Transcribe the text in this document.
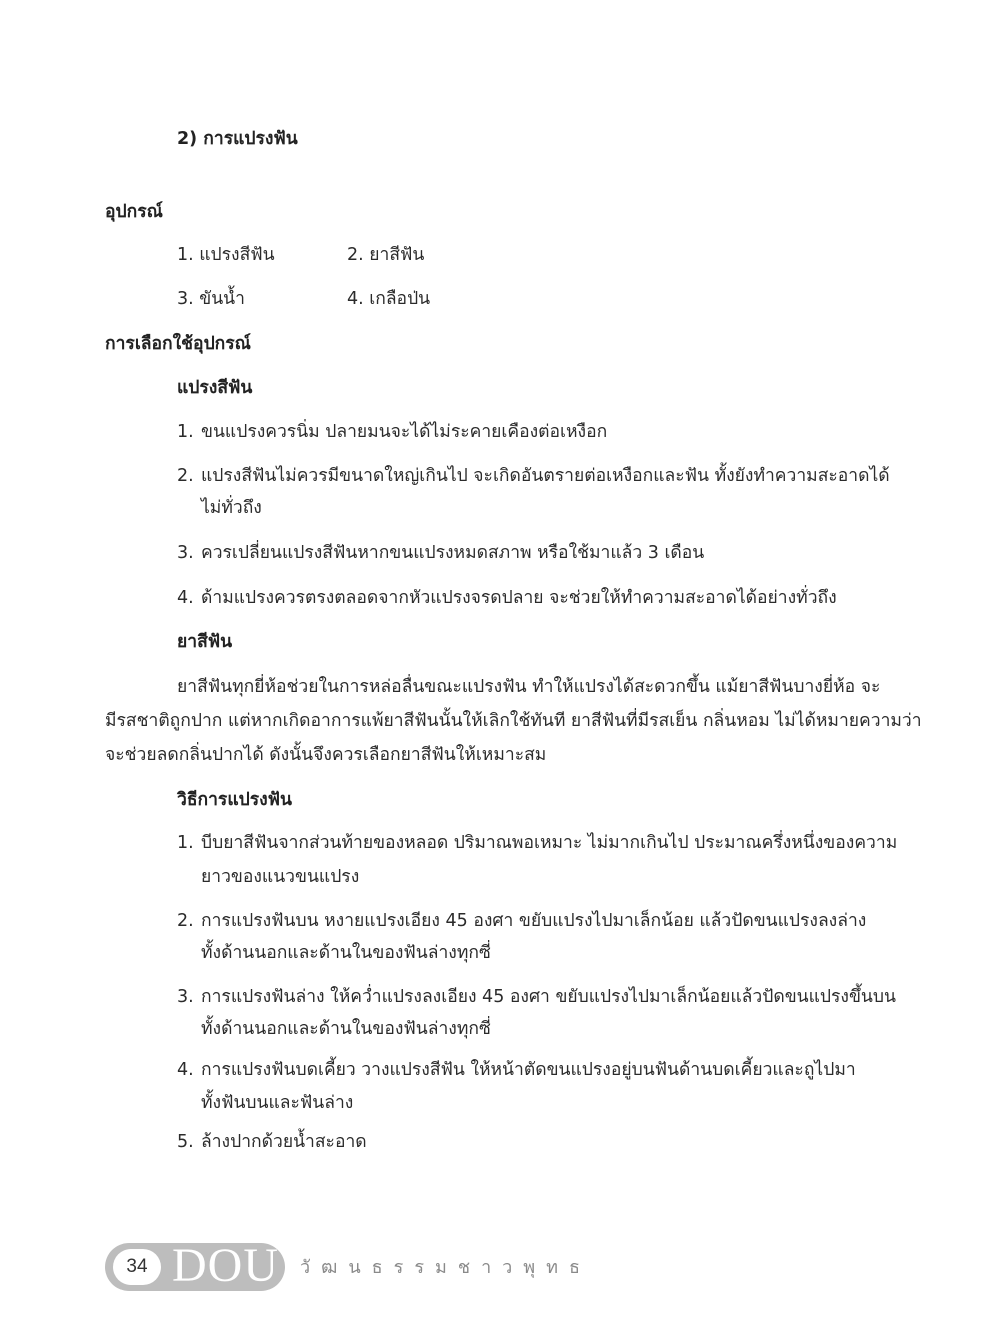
2) การแปรงฟัน
อุปกรณ์
1. แปรงสีฟัน	2. ยาสีฟัน
3. ขันน้ำ	4. เกลือป่น
การเลือกใช้อุปกรณ์
แปรงสีฟัน
1. ขนแปรงควรนิ่ม ปลายมนจะได้ไม่ระคายเคืองต่อเหงือก
2. แปรงสีฟันไม่ควรมีขนาดใหญ่เกินไป จะเกิดอันตรายต่อเหงือกและฟัน ทั้งยังทำความสะอาดได้
ไม่ทั่วถึง
3. ควรเปลี่ยนแปรงสีฟันหากขนแปรงหมดสภาพ หรือใช้มาแล้ว 3 เดือน
4. ด้ามแปรงควรตรงตลอดจากหัวแปรงจรดปลาย จะช่วยให้ทำความสะอาดได้อย่างทั่วถึง
ยาสีฟัน
ยาสีฟันทุกยี่ห้อช่วยในการหล่อลื่นขณะแปรงฟัน ทำให้แปรงได้สะดวกขึ้น แม้ยาสีฟันบางยี่ห้อ จะ
มีรสชาติถูกปาก แต่หากเกิดอาการแพ้ยาสีฟันนั้นให้เลิกใช้ทันที ยาสีฟันที่มีรสเย็น กลิ่นหอม ไม่ได้หมายความว่า
จะช่วยลดกลิ่นปากได้ ดังนั้นจึงควรเลือกยาสีฟันให้เหมาะสม
วิธีการแปรงฟัน
1. บีบยาสีฟันจากส่วนท้ายของหลอด ปริมาณพอเหมาะ ไม่มากเกินไป ประมาณครึ่งหนึ่งของความ
ยาวของแนวขนแปรง
2. การแปรงฟันบน หงายแปรงเอียง 45 องศา ขยับแปรงไปมาเล็กน้อย แล้วปัดขนแปรงลงล่าง
ทั้งด้านนอกและด้านในของฟันล่างทุกซี่
3. การแปรงฟันล่าง ให้คว่ำแปรงลงเอียง 45 องศา ขยับแปรงไปมาเล็กน้อยแล้วปัดขนแปรงขึ้นบน
ทั้งด้านนอกและด้านในของฟันล่างทุกซี่
4. การแปรงฟันบดเคี้ยว วางแปรงสีฟัน ให้หน้าตัดขนแปรงอยู่บนฟันด้านบดเคี้ยวและถูไปมา
ทั้งฟันบนและฟันล่าง
5. ล้างปากด้วยน้ำสะอาด
34 DOU วัฒนธรรมชาวพุทธ
